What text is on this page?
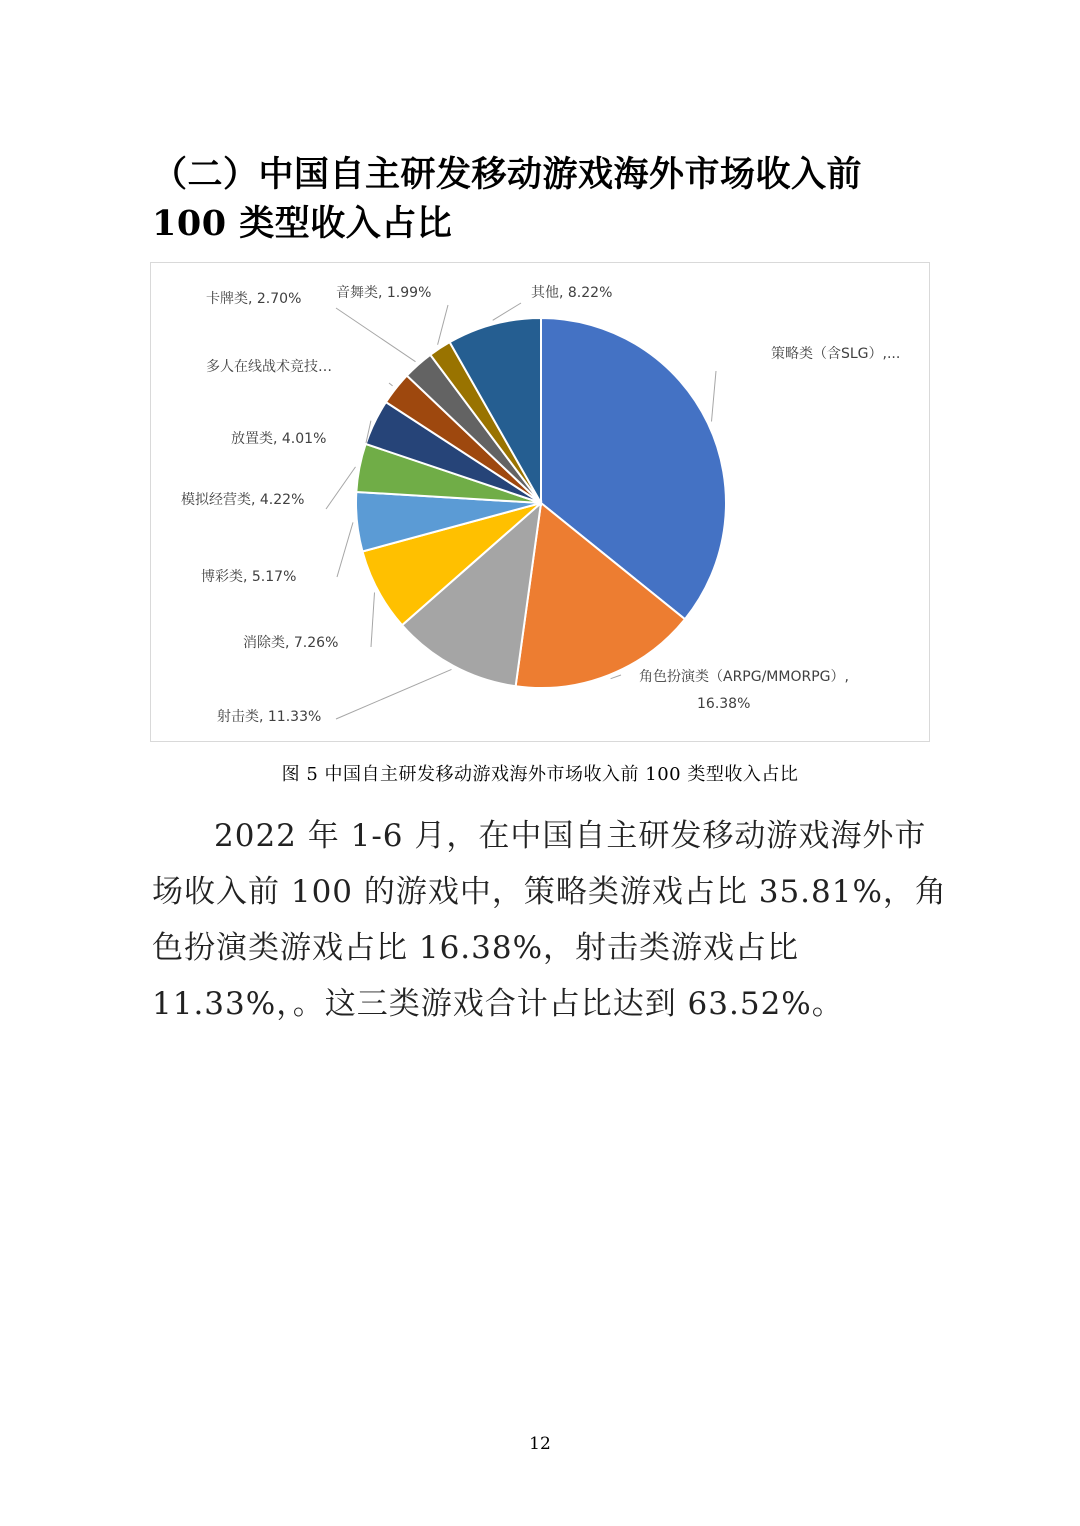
（二）中国自主研发移动游戏海外市场收入前 100 类型收入占比
策略类（含SLG）,...
角色扮演类（ARPG/MMORPG）,
16.38%
射击类, 11.33%
消除类, 7.26%
博彩类, 5.17%
模拟经营类, 4.22%
放置类, 4.01%
多人在线战术竞技…
卡牌类, 2.70% 音舞类, 1.99%	其他, 8.22%
图 5 中国自主研发移动游戏海外市场收入前 100 类型收入占比

2022 年 1-6 月，在中国自主研发移动游戏海外市场收入前 100 的游戏中，策略类游戏占比 35.81%，角色扮演类游戏占比 16.38%，射击类游戏占比 11.33%，。这三类游戏合计占比达到 63.52%。

12
